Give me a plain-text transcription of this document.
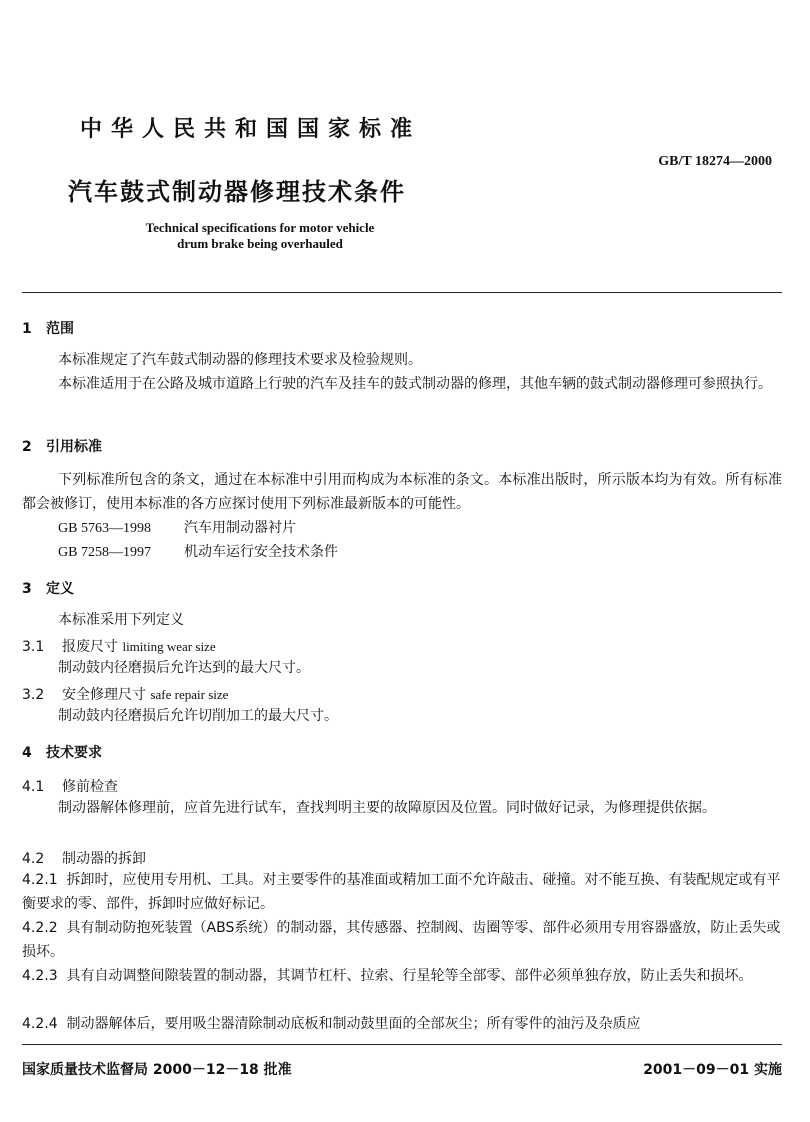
中华人民共和国国家标准
GB/T 18274—2000
汽车鼓式制动器修理技术条件
Technical specifications for motor vehicle
drum brake being overhauled
1 范围
本标准规定了汽车鼓式制动器的修理技术要求及检验规则。
本标准适用于在公路及城市道路上行驶的汽车及挂车的鼓式制动器的修理，其他车辆的鼓式制动器修理可参照执行。
2 引用标准
下列标准所包含的条文，通过在本标准中引用而构成为本标准的条文。本标准出版时，所示版本均为有效。所有标准都会被修订，使用本标准的各方应探讨使用下列标准最新版本的可能性。
GB 5763—1998 汽车用制动器衬片
GB 7258—1997 机动车运行安全技术条件
3 定义
本标准采用下列定义
3.1 报废尺寸 limiting wear size
制动鼓内径磨损后允许达到的最大尺寸。
3.2 安全修理尺寸 safe repair size
制动鼓内径磨损后允许切削加工的最大尺寸。
4 技术要求
4.1 修前检查
制动器解体修理前，应首先进行试车，查找判明主要的故障原因及位置。同时做好记录，为修理提供依据。
4.2 制动器的拆卸
4.2.1 拆卸时，应使用专用机、工具。对主要零件的基准面或精加工面不允许敲击、碰撞。对不能互换、有装配规定或有平衡要求的零、部件，拆卸时应做好标记。
4.2.2 具有制动防抱死装置（ABS系统）的制动器，其传感器、控制阀、齿圈等零、部件必须用专用容器盛放，防止丢失或损坏。
4.2.3 具有自动调整间隙装置的制动器，其调节杠杆、拉索、行星轮等全部零、部件必须单独存放，防止丢失和损坏。
4.2.4 制动器解体后，要用吸尘器清除制动底板和制动鼓里面的全部灰尘；所有零件的油污及杂质应
国家质量技术监督局 2000－12－18 批准	2001－09－01 实施
